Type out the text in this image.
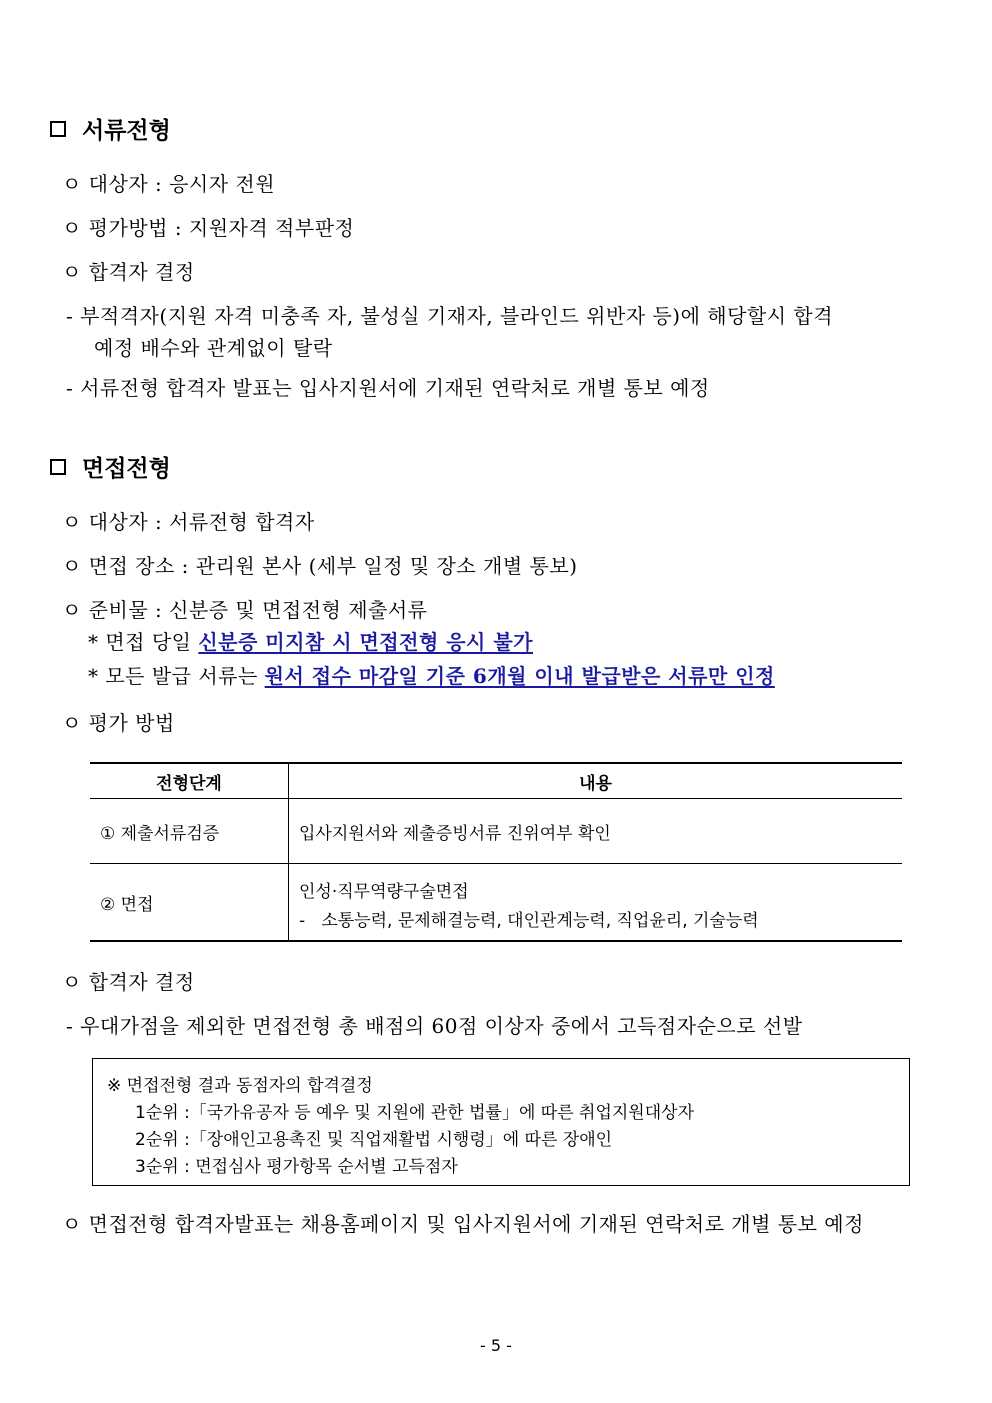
서류전형
ㅇ 대상자 : 응시자 전원
ㅇ 평가방법 : 지원자격 적부판정
ㅇ 합격자 결정
- 부적격자(지원 자격 미충족 자, 불성실 기재자, 블라인드 위반자 등)에 해당할시 합격
예정 배수와 관계없이 탈락
- 서류전형 합격자 발표는 입사지원서에 기재된 연락처로 개별 통보 예정
면접전형
ㅇ 대상자 : 서류전형 합격자
ㅇ 면접 장소 : 관리원 본사 (세부 일정 및 장소 개별 통보)
ㅇ 준비물 : 신분증 및 면접전형 제출서류
* 면접 당일 신분증 미지참 시 면접전형 응시 불가
* 모든 발급 서류는 원서 접수 마감일 기준 6개월 이내 발급받은 서류만 인정
ㅇ 평가 방법
전형단계	내용
① 제출서류검증	입사지원서와 제출증빙서류 진위여부 확인
② 면접	인성·직무역량구술면접
-   소통능력, 문제해결능력, 대인관계능력, 직업윤리, 기술능력
ㅇ 합격자 결정
- 우대가점을 제외한 면접전형 총 배점의 60점 이상자 중에서 고득점자순으로 선발
※ 면접전형 결과 동점자의 합격결정
1순위 :「국가유공자 등 예우 및 지원에 관한 법률」에 따른 취업지원대상자
2순위 :「장애인고용촉진 및 직업재활법 시행령」에 따른 장애인
3순위 : 면접심사 평가항목 순서별 고득점자
ㅇ 면접전형 합격자발표는 채용홈페이지 및 입사지원서에 기재된 연락처로 개별 통보 예정
- 5 -
